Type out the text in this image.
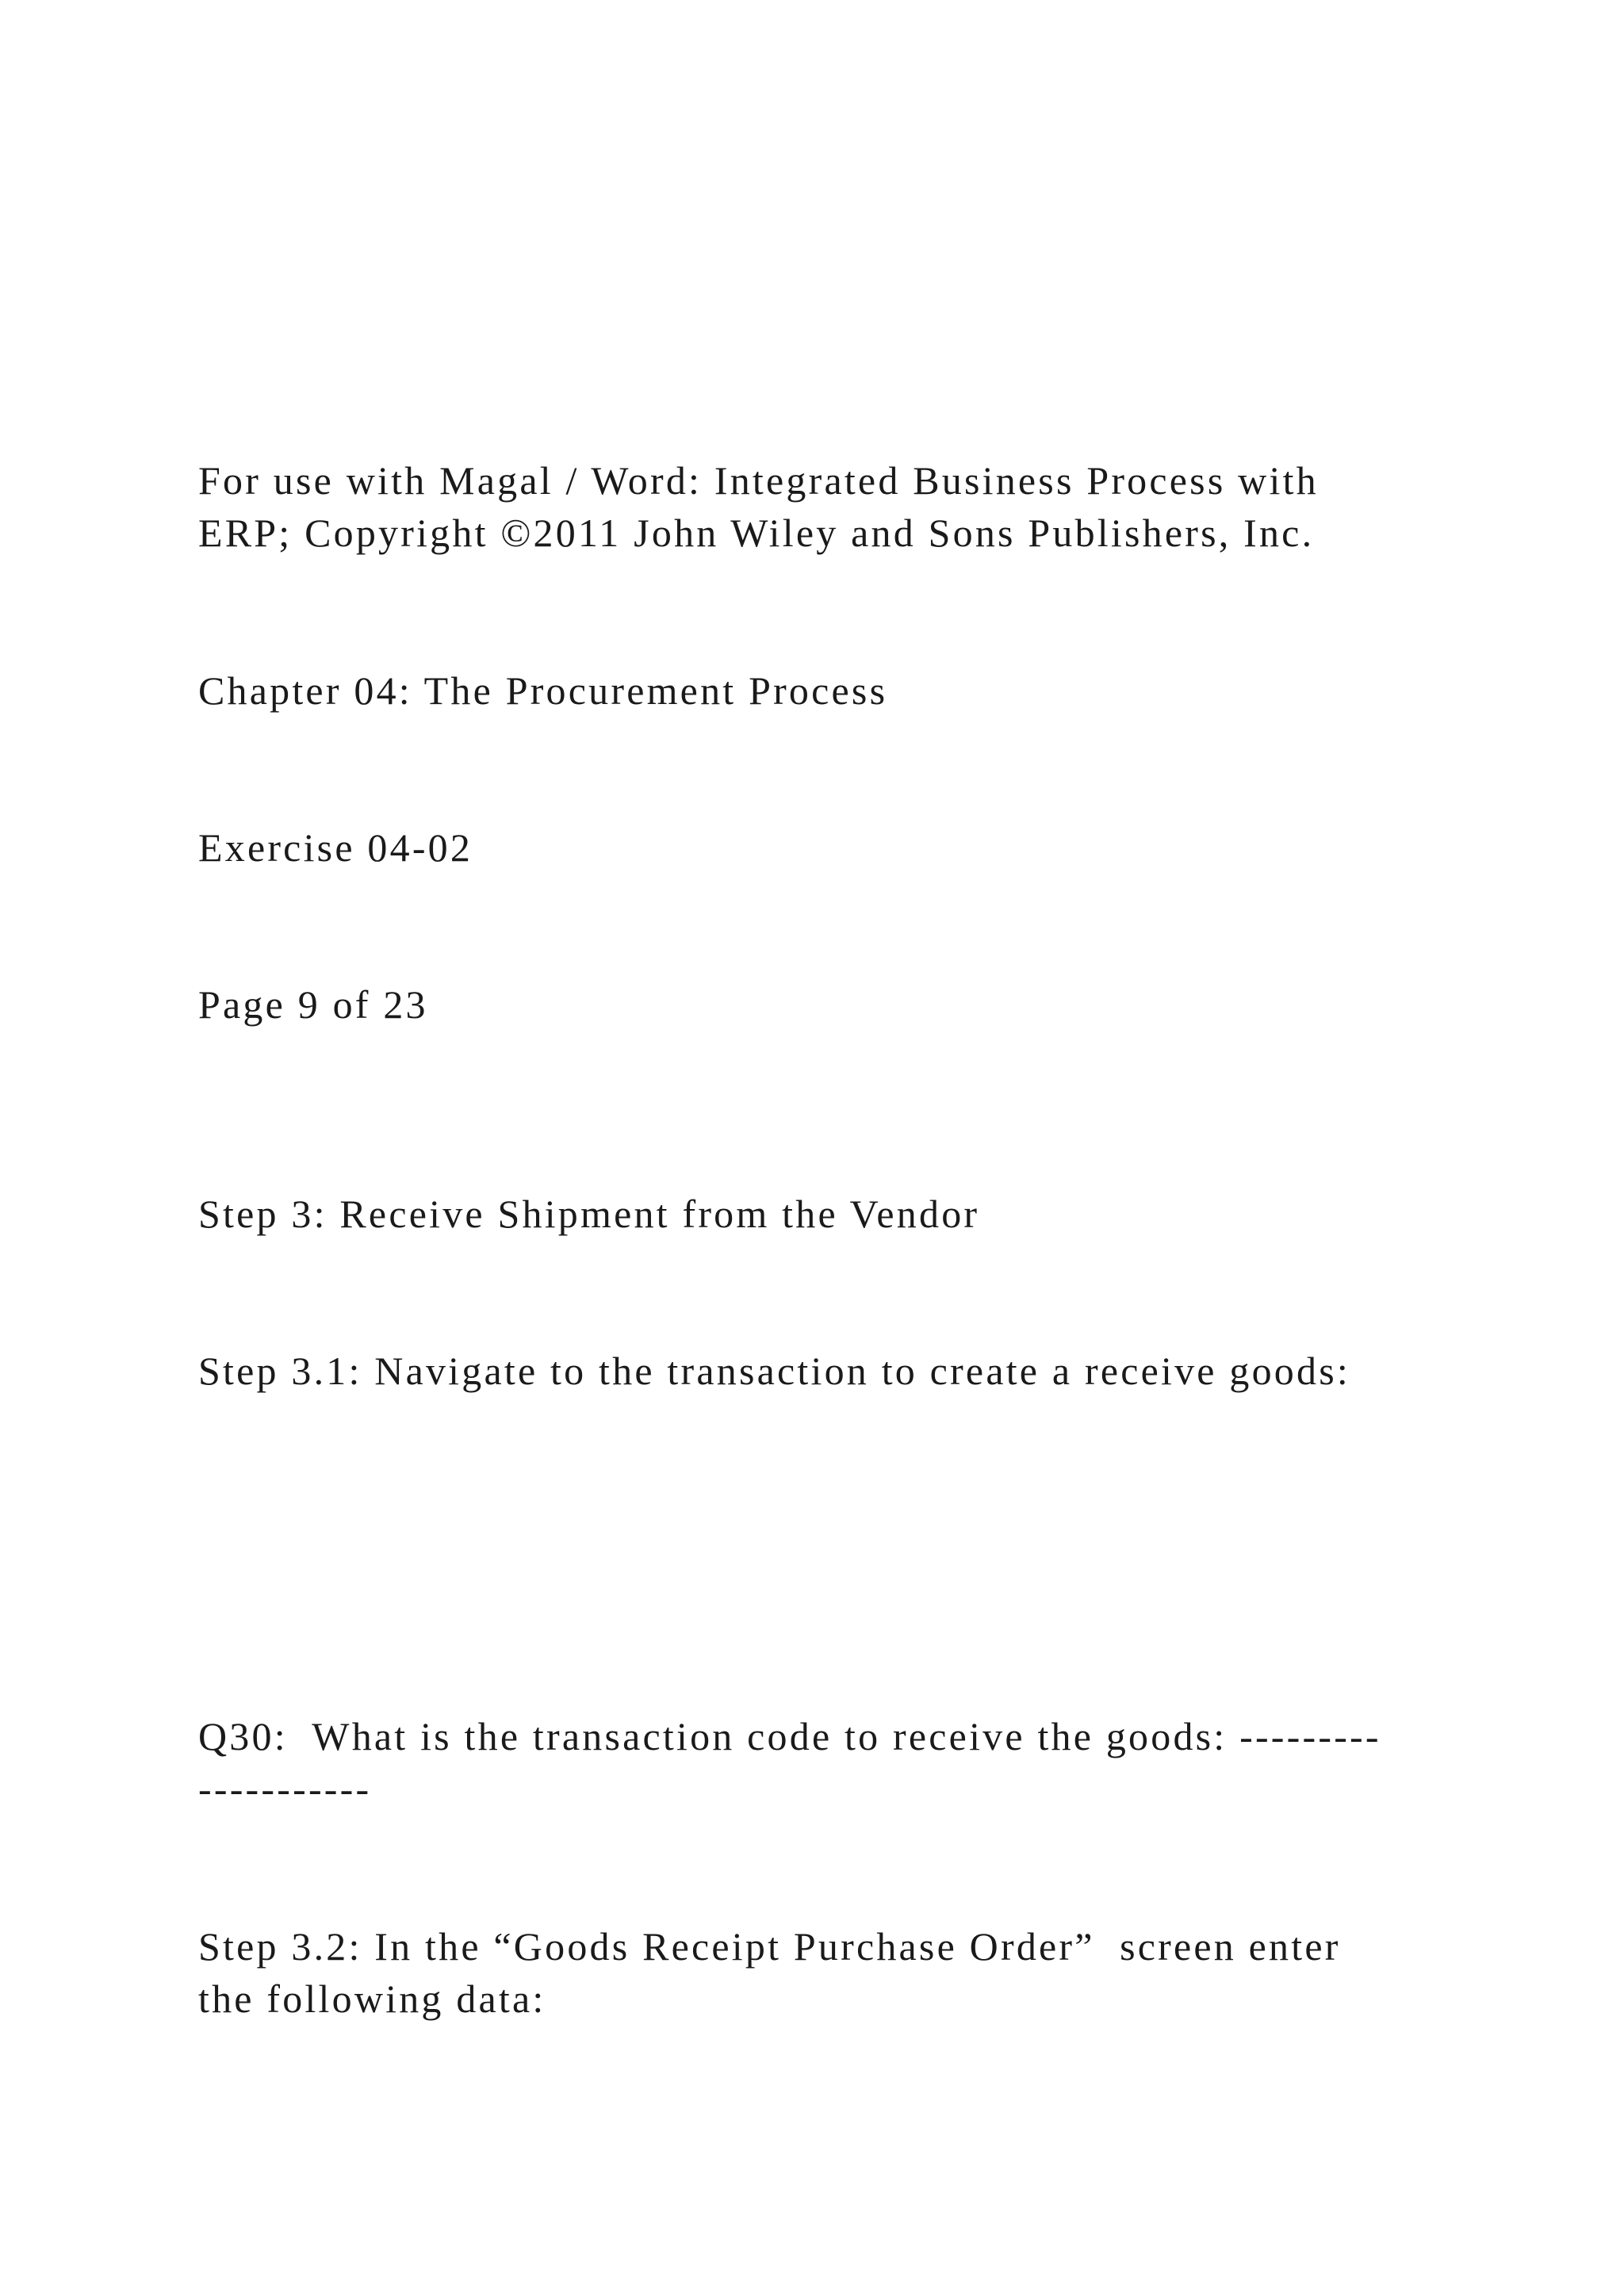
For use with Magal / Word: Integrated Business Process with
ERP; Copyright ©2011 John Wiley and Sons Publishers, Inc.

Chapter 04: The Procurement Process

Exercise 04-02

Page 9 of 23

Step 3: Receive Shipment from the Vendor

Step 3.1: Navigate to the transaction to create a receive goods:

Q30:  What is the transaction code to receive the goods: ---------
-----------

Step 3.2: In the “Goods Receipt Purchase Order”  screen enter
the following data:
